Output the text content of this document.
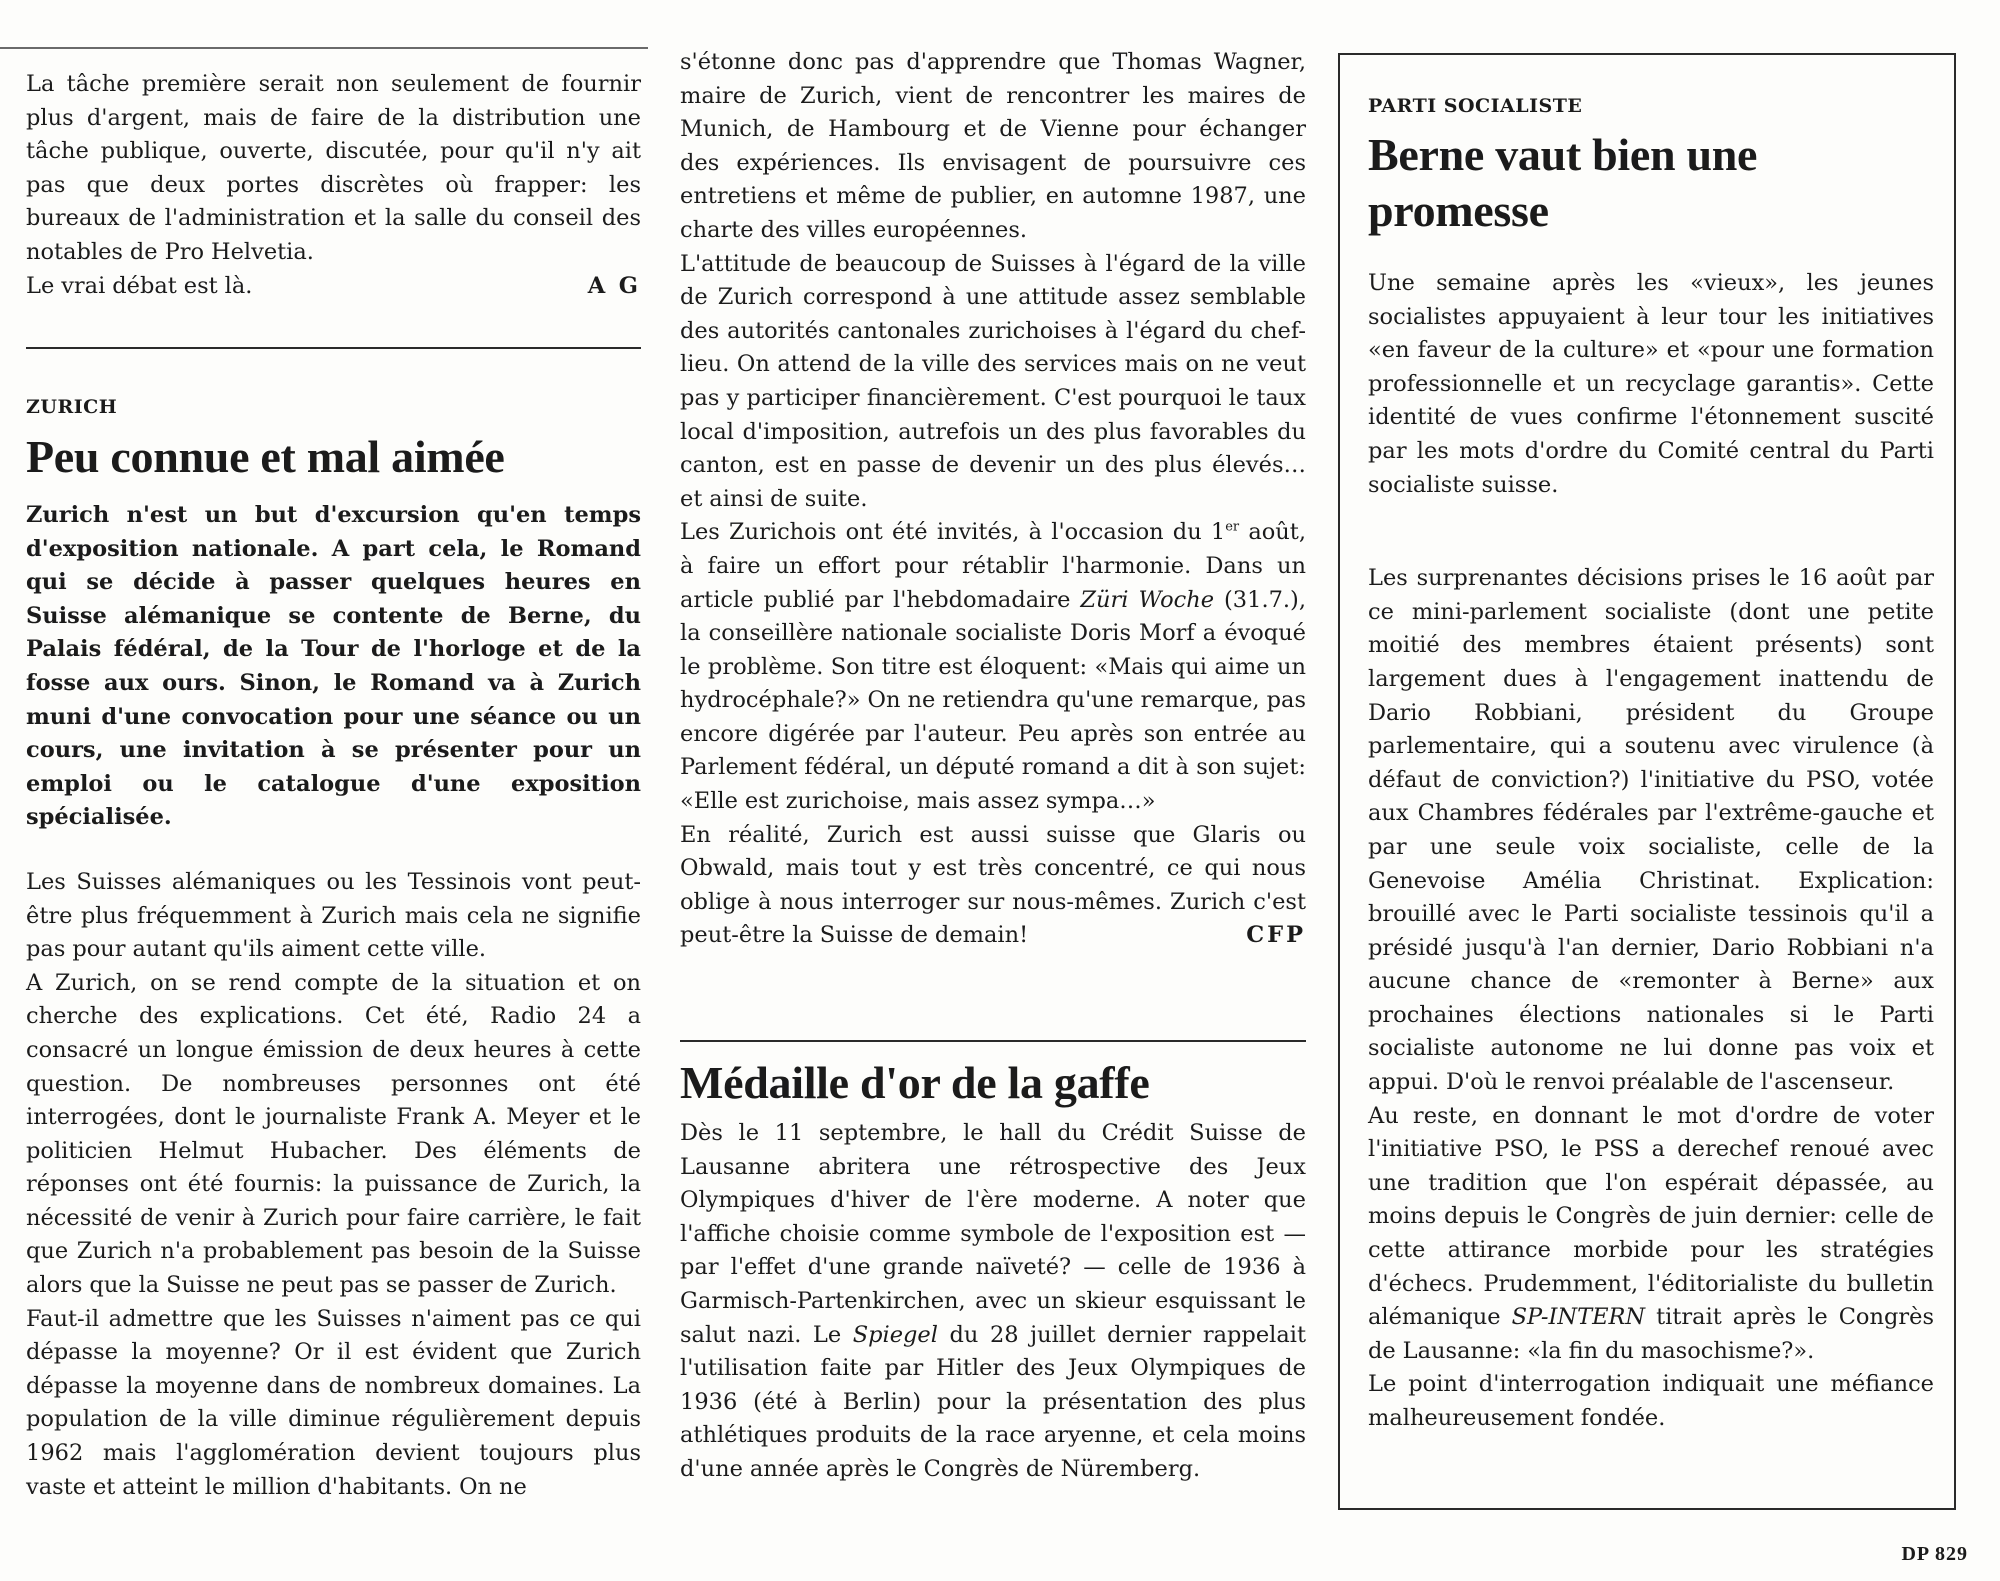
La tâche première serait non seulement de fournir plus d'argent, mais de faire de la distribution une tâche publique, ouverte, discutée, pour qu'il n'y ait pas que deux portes discrètes où frapper: les bureaux de l'administration et la salle du conseil des notables de Pro Helvetia.

Le vrai débat est là.	A G

ZURICH
Peu connue et mal aimée

Zurich n'est un but d'excursion qu'en temps d'exposition nationale. A part cela, le Romand qui se décide à passer quelques heures en Suisse alémanique se contente de Berne, du Palais fédéral, de la Tour de l'horloge et de la fosse aux ours. Sinon, le Romand va à Zurich muni d'une convocation pour une séance ou un cours, une invitation à se présenter pour un emploi ou le catalogue d'une exposition spécialisée.

Les Suisses alémaniques ou les Tessinois vont peut-être plus fréquemment à Zurich mais cela ne signifie pas pour autant qu'ils aiment cette ville.

A Zurich, on se rend compte de la situation et on cherche des explications. Cet été, Radio 24 a consacré un longue émission de deux heures à cette question. De nombreuses personnes ont été interrogées, dont le journaliste Frank A. Meyer et le politicien Helmut Hubacher. Des éléments de réponses ont été fournis: la puissance de Zurich, la nécessité de venir à Zurich pour faire carrière, le fait que Zurich n'a probablement pas besoin de la Suisse alors que la Suisse ne peut pas se passer de Zurich.

Faut-il admettre que les Suisses n'aiment pas ce qui dépasse la moyenne? Or il est évident que Zurich dépasse la moyenne dans de nombreux domaines. La population de la ville diminue régulièrement depuis 1962 mais l'agglomération devient toujours plus vaste et atteint le million d'habitants. On ne

s'étonne donc pas d'apprendre que Thomas Wagner, maire de Zurich, vient de rencontrer les maires de Munich, de Hambourg et de Vienne pour échanger des expériences. Ils envisagent de poursuivre ces entretiens et même de publier, en automne 1987, une charte des villes européennes.

L'attitude de beaucoup de Suisses à l'égard de la ville de Zurich correspond à une attitude assez semblable des autorités cantonales zurichoises à l'égard du chef-lieu. On attend de la ville des services mais on ne veut pas y participer financièrement. C'est pourquoi le taux local d'imposition, autrefois un des plus favorables du canton, est en passe de devenir un des plus élevés… et ainsi de suite.

Les Zurichois ont été invités, à l'occasion du 1er août, à faire un effort pour rétablir l'harmonie. Dans un article publié par l'hebdomadaire Züri Woche (31.7.), la conseillère nationale socialiste Doris Morf a évoqué le problème. Son titre est éloquent: «Mais qui aime un hydrocéphale?» On ne retiendra qu'une remarque, pas encore digérée par l'auteur. Peu après son entrée au Parlement fédéral, un député romand a dit à son sujet: «Elle est zurichoise, mais assez sympa…»

En réalité, Zurich est aussi suisse que Glaris ou Obwald, mais tout y est très concentré, ce qui nous oblige à nous interroger sur nous-mêmes. Zurich c'est peut-être la Suisse de demain!	CFP

Médaille d'or de la gaffe

Dès le 11 septembre, le hall du Crédit Suisse de Lausanne abritera une rétrospective des Jeux Olympiques d'hiver de l'ère moderne. A noter que l'affiche choisie comme symbole de l'exposition est — par l'effet d'une grande naïveté? — celle de 1936 à Garmisch-Partenkirchen, avec un skieur esquissant le salut nazi. Le Spiegel du 28 juillet dernier rappelait l'utilisation faite par Hitler des Jeux Olympiques de 1936 (été à Berlin) pour la présentation des plus athlétiques produits de la race aryenne, et cela moins d'une année après le Congrès de Nüremberg.

PARTI SOCIALISTE
Berne vaut bien une promesse

Une semaine après les «vieux», les jeunes socialistes appuyaient à leur tour les initiatives «en faveur de la culture» et «pour une formation professionnelle et un recyclage garantis». Cette identité de vues confirme l'étonnement suscité par les mots d'ordre du Comité central du Parti socialiste suisse.

Les surprenantes décisions prises le 16 août par ce mini-parlement socialiste (dont une petite moitié des membres étaient présents) sont largement dues à l'engagement inattendu de Dario Robbiani, président du Groupe parlementaire, qui a soutenu avec virulence (à défaut de conviction?) l'initiative du PSO, votée aux Chambres fédérales par l'extrême-gauche et par une seule voix socialiste, celle de la Genevoise Amélia Christinat. Explication: brouillé avec le Parti socialiste tessinois qu'il a présidé jusqu'à l'an dernier, Dario Robbiani n'a aucune chance de «remonter à Berne» aux prochaines élections nationales si le Parti socialiste autonome ne lui donne pas voix et appui. D'où le renvoi préalable de l'ascenseur.

Au reste, en donnant le mot d'ordre de voter l'initiative PSO, le PSS a derechef renoué avec une tradition que l'on espérait dépassée, au moins depuis le Congrès de juin dernier: celle de cette attirance morbide pour les stratégies d'échecs. Prudemment, l'éditorialiste du bulletin alémanique SP-INTERN titrait après le Congrès de Lausanne: «la fin du masochisme?».

Le point d'interrogation indiquait une méfiance malheureusement fondée.

DP 829
